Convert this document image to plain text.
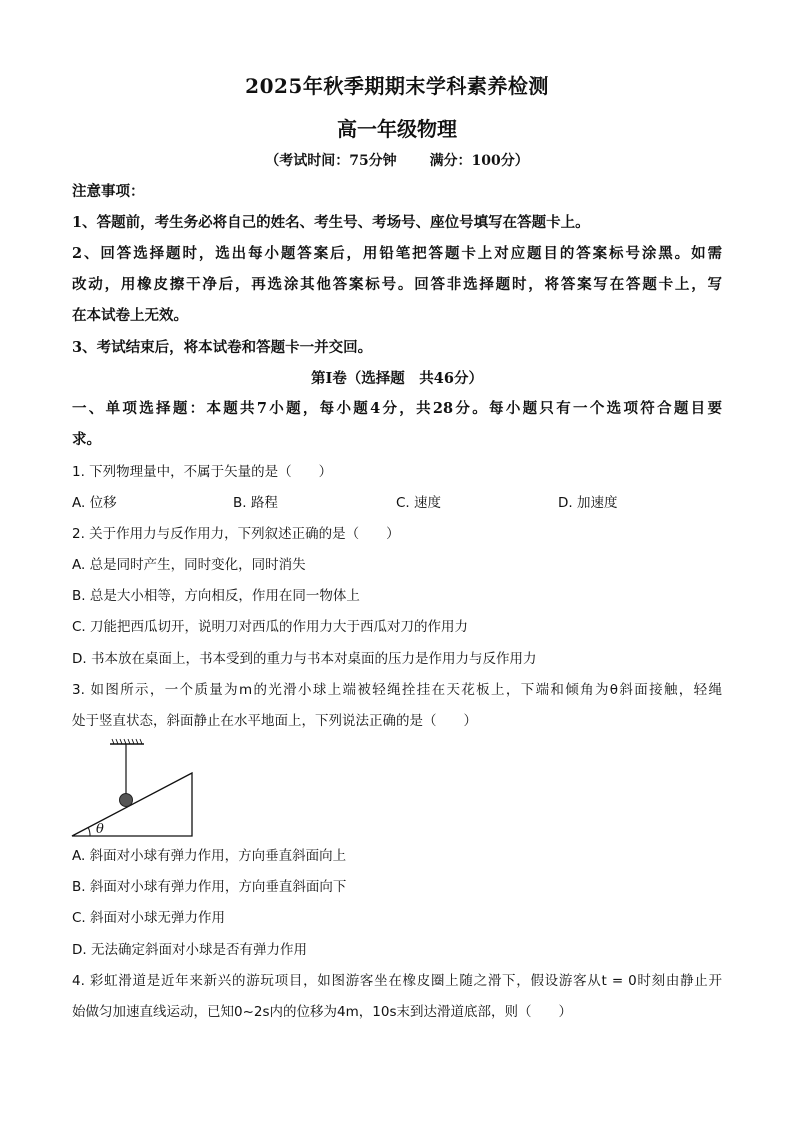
2025年秋季期期末学科素养检测
高一年级物理
（考试时间：75分钟 满分：100分）
注意事项：
1、答题前，考生务必将自己的姓名、考生号、考场号、座位号填写在答题卡上。
2、回答选择题时，选出每小题答案后，用铅笔把答题卡上对应题目的答案标号涂黑。如需
改动，用橡皮擦干净后，再选涂其他答案标号。回答非选择题时，将答案写在答题卡上，写
在本试卷上无效。
3、考试结束后，将本试卷和答题卡一并交回。
第Ⅰ卷（选择题　共46分）
一、单项选择题：本题共7小题，每小题4分，共28分。每小题只有一个选项符合题目要
求。
1. 下列物理量中，不属于矢量的是（　　）
A. 位移	B. 路程	C. 速度	D. 加速度
2. 关于作用力与反作用力，下列叙述正确的是（　　）
A. 总是同时产生，同时变化，同时消失
B. 总是大小相等，方向相反，作用在同一物体上
C. 刀能把西瓜切开，说明刀对西瓜的作用力大于西瓜对刀的作用力
D. 书本放在桌面上，书本受到的重力与书本对桌面的压力是作用力与反作用力
3. 如图所示，一个质量为m的光滑小球上端被轻绳拴挂在天花板上，下端和倾角为θ斜面接触，轻绳
处于竖直状态，斜面静止在水平地面上，下列说法正确的是（　　）
θ
A. 斜面对小球有弹力作用，方向垂直斜面向上
B. 斜面对小球有弹力作用，方向垂直斜面向下
C. 斜面对小球无弹力作用
D. 无法确定斜面对小球是否有弹力作用
4. 彩虹滑道是近年来新兴的游玩项目，如图游客坐在橡皮圈上随之滑下，假设游客从t = 0时刻由静止开
始做匀加速直线运动，已知0~2s内的位移为4m，10s末到达滑道底部，则（　　）
